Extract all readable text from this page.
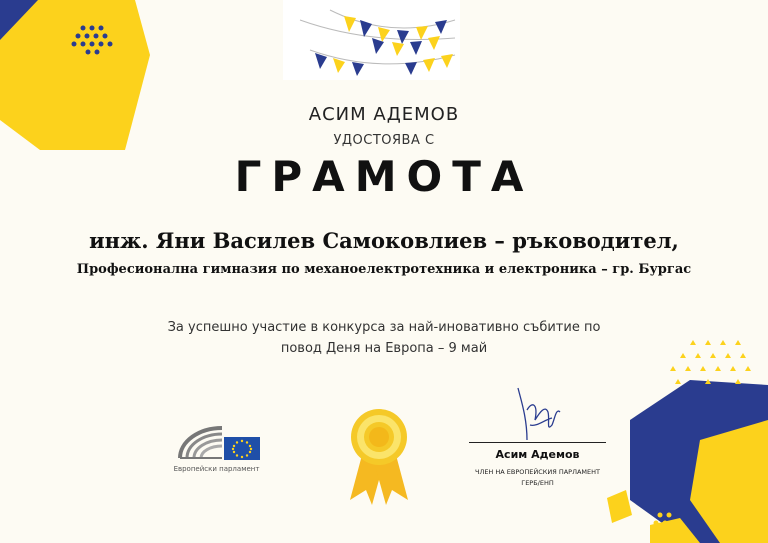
АСИМ АДЕМОВ
УДОСТОЯВА С
ГРАМОТА
инж. Яни Василев Самоковлиев – ръководител,
Професионална гимназия по механоелектротехника и електроника – гр. Бургас
За успешно участие в конкурса за най-иновативно събитие по
повод Деня на Европа – 9 май
Европейски парламент
Асим Адемов
ЧЛЕН НА ЕВРОПЕЙСКИЯ ПАРЛАМЕНТ
ГЕРБ/ЕНП
